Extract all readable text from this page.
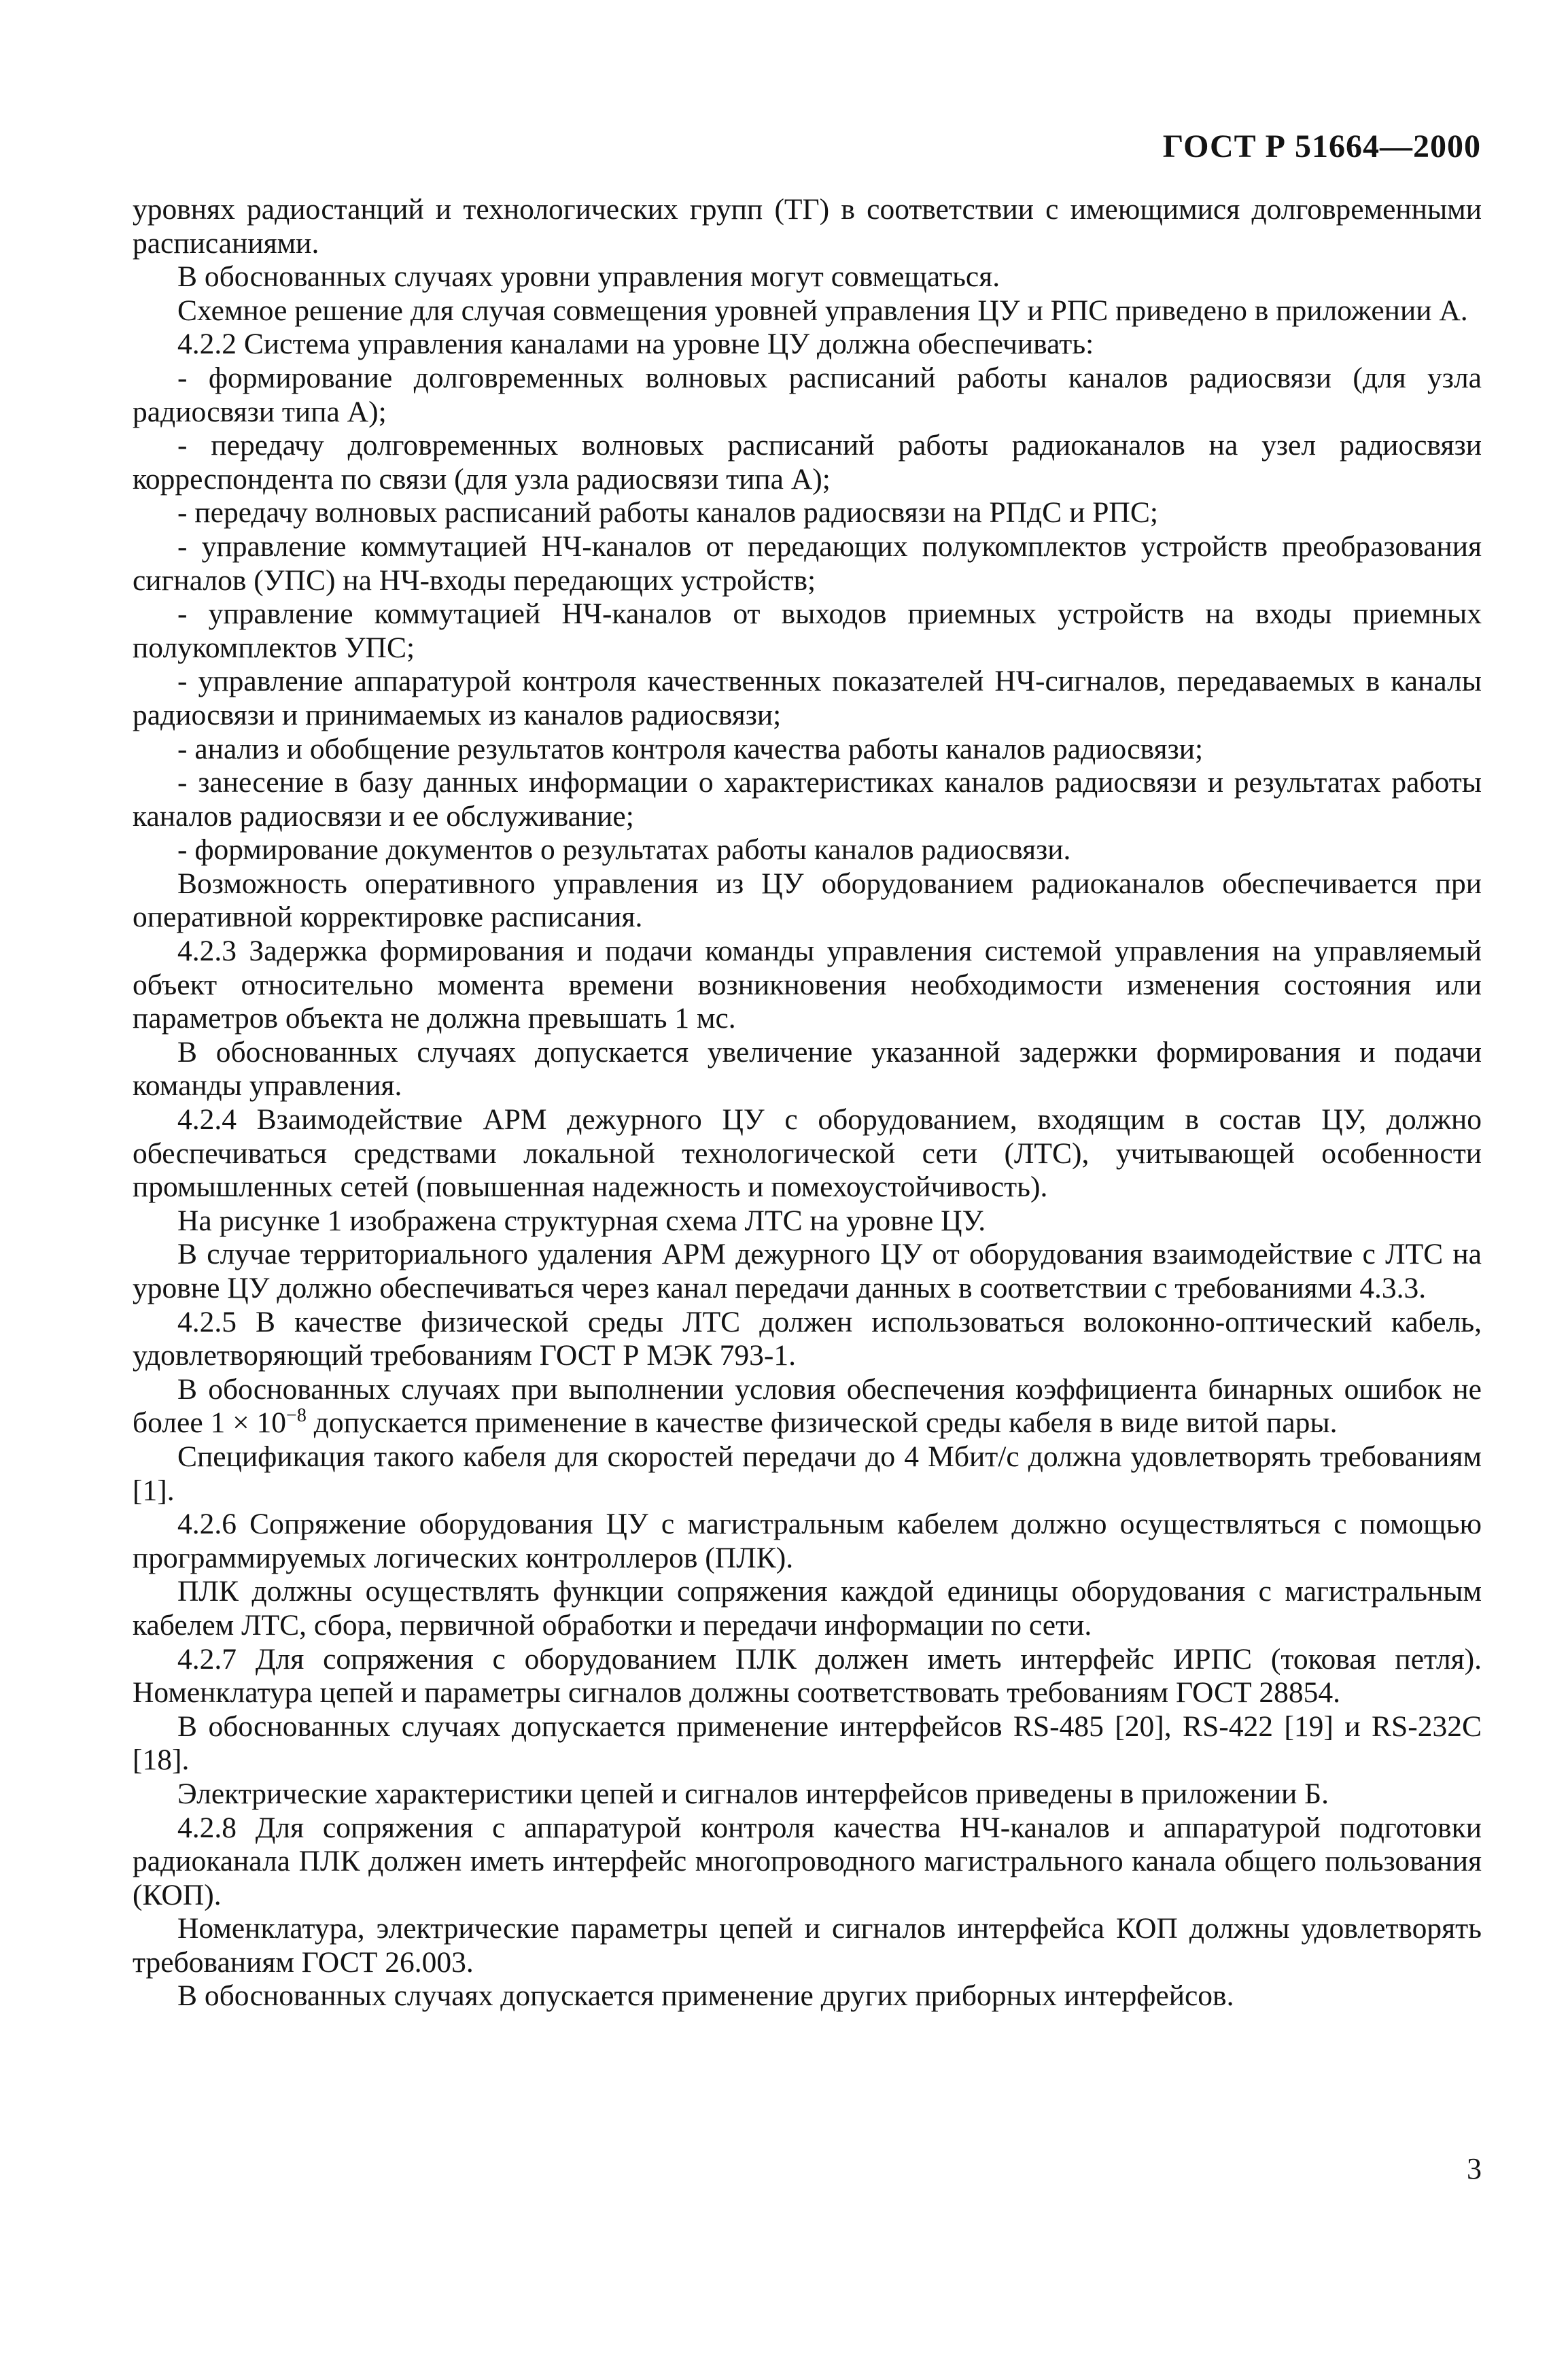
ГОСТ Р 51664—2000

уровнях радиостанций и технологических групп (ТГ) в соответствии с имеющимися долговременными расписаниями.

В обоснованных случаях уровни управления могут совмещаться.

Схемное решение для случая совмещения уровней управления ЦУ и РПС приведено в приложении А.

4.2.2 Система управления каналами на уровне ЦУ должна обеспечивать:

- формирование долговременных волновых расписаний работы каналов радиосвязи (для узла радиосвязи типа А);

- передачу долговременных волновых расписаний работы радиоканалов на узел радиосвязи корреспондента по связи (для узла радиосвязи типа А);

- передачу волновых расписаний работы каналов радиосвязи на РПдС и РПС;

- управление коммутацией НЧ-каналов от передающих полукомплектов устройств преобразования сигналов (УПС) на НЧ-входы передающих устройств;

- управление коммутацией НЧ-каналов от выходов приемных устройств на входы приемных полукомплектов УПС;

- управление аппаратурой контроля качественных показателей НЧ-сигналов, передаваемых в каналы радиосвязи и принимаемых из каналов радиосвязи;

- анализ и обобщение результатов контроля качества работы каналов радиосвязи;

- занесение в базу данных информации о характеристиках каналов радиосвязи и результатах работы каналов радиосвязи и ее обслуживание;

- формирование документов о результатах работы каналов радиосвязи.

Возможность оперативного управления из ЦУ оборудованием радиоканалов обеспечивается при оперативной корректировке расписания.

4.2.3 Задержка формирования и подачи команды управления системой управления на управляемый объект относительно момента времени возникновения необходимости изменения состояния или параметров объекта не должна превышать 1 мс.

В обоснованных случаях допускается увеличение указанной задержки формирования и подачи команды управления.

4.2.4 Взаимодействие АРМ дежурного ЦУ с оборудованием, входящим в состав ЦУ, должно обеспечиваться средствами локальной технологической сети (ЛТС), учитывающей особенности промышленных сетей (повышенная надежность и помехоустойчивость).

На рисунке 1 изображена структурная схема ЛТС на уровне ЦУ.

В случае территориального удаления АРМ дежурного ЦУ от оборудования взаимодействие с ЛТС на уровне ЦУ должно обеспечиваться через канал передачи данных в соответствии с требованиями 4.3.3.

4.2.5 В качестве физической среды ЛТС должен использоваться волоконно-оптический кабель, удовлетворяющий требованиям ГОСТ Р МЭК 793-1.

В обоснованных случаях при выполнении условия обеспечения коэффициента бинарных ошибок не более $1 \times 10^{-8}$ допускается применение в качестве физической среды кабеля в виде витой пары.

Спецификация такого кабеля для скоростей передачи до 4 Мбит/с должна удовлетворять требованиям [1].

4.2.6 Сопряжение оборудования ЦУ с магистральным кабелем должно осуществляться с помощью программируемых логических контроллеров (ПЛК).

ПЛК должны осуществлять функции сопряжения каждой единицы оборудования с магистральным кабелем ЛТС, сбора, первичной обработки и передачи информации по сети.

4.2.7 Для сопряжения с оборудованием ПЛК должен иметь интерфейс ИРПС (токовая петля). Номенклатура цепей и параметры сигналов должны соответствовать требованиям ГОСТ 28854.

В обоснованных случаях допускается применение интерфейсов RS-485 [20], RS-422 [19] и RS-232C [18].

Электрические характеристики цепей и сигналов интерфейсов приведены в приложении Б.

4.2.8 Для сопряжения с аппаратурой контроля качества НЧ-каналов и аппаратурой подготовки радиоканала ПЛК должен иметь интерфейс многопроводного магистрального канала общего пользования (КОП).

Номенклатура, электрические параметры цепей и сигналов интерфейса КОП должны удовлетворять требованиям ГОСТ 26.003.

В обоснованных случаях допускается применение других приборных интерфейсов.

3
